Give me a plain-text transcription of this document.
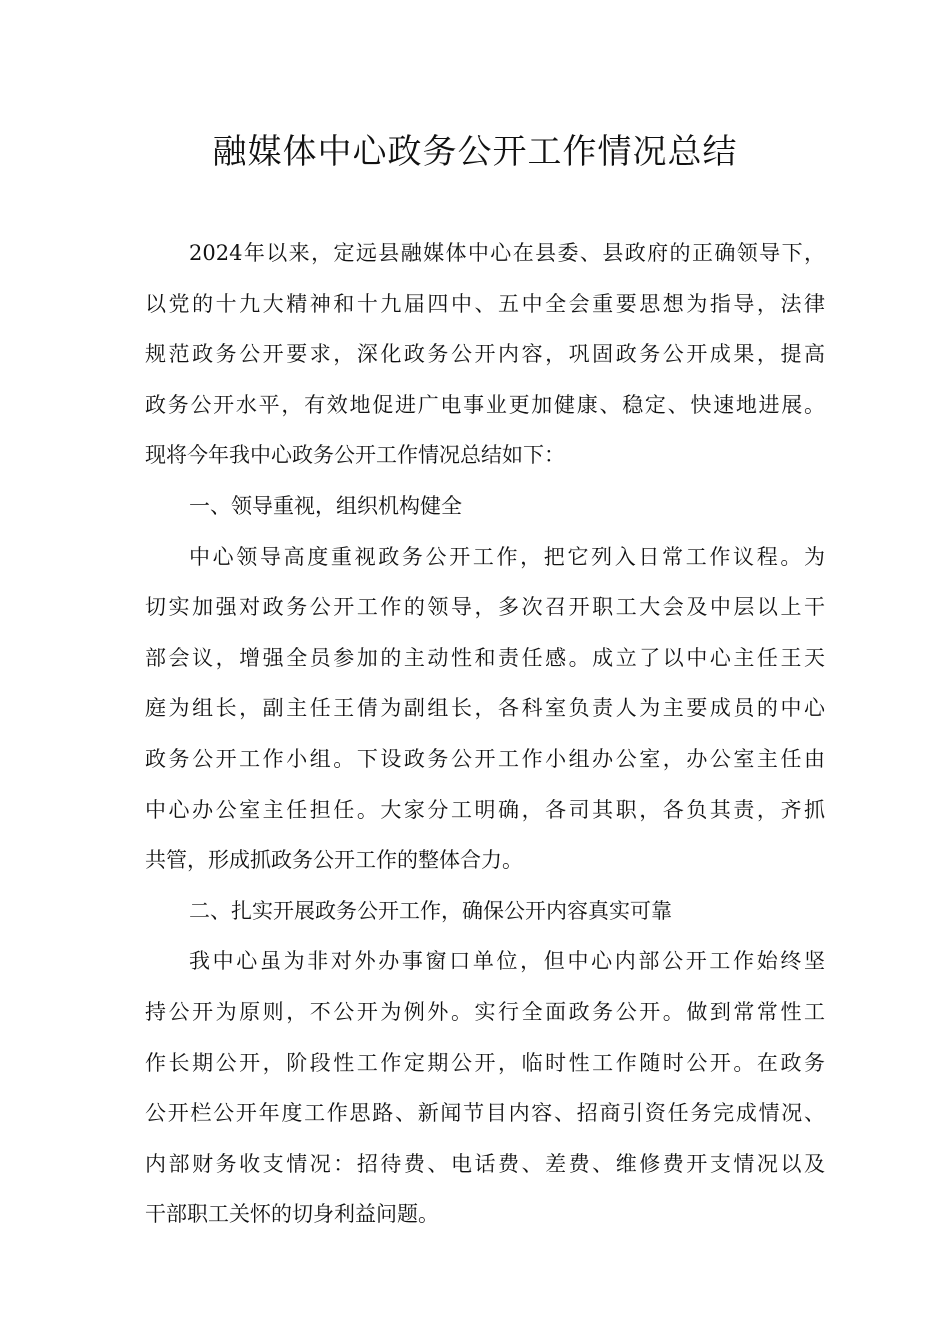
融媒体中心政务公开工作情况总结
2024年以来，定远县融媒体中心在县委、县政府的正确领导下，
以党的十九大精神和十九届四中、五中全会重要思想为指导，法律
规范政务公开要求，深化政务公开内容，巩固政务公开成果，提高
政务公开水平，有效地促进广电事业更加健康、稳定、快速地进展。
现将今年我中心政务公开工作情况总结如下：
一、领导重视，组织机构健全
中心领导高度重视政务公开工作，把它列入日常工作议程。为
切实加强对政务公开工作的领导，多次召开职工大会及中层以上干
部会议，增强全员参加的主动性和责任感。成立了以中心主任王天
庭为组长，副主任王倩为副组长，各科室负责人为主要成员的中心
政务公开工作小组。下设政务公开工作小组办公室，办公室主任由
中心办公室主任担任。大家分工明确，各司其职，各负其责，齐抓
共管，形成抓政务公开工作的整体合力。
二、扎实开展政务公开工作，确保公开内容真实可靠
我中心虽为非对外办事窗口单位，但中心内部公开工作始终坚
持公开为原则，不公开为例外。实行全面政务公开。做到常常性工
作长期公开，阶段性工作定期公开，临时性工作随时公开。在政务
公开栏公开年度工作思路、新闻节目内容、招商引资任务完成情况、
内部财务收支情况：招待费、电话费、差费、维修费开支情况以及
干部职工关怀的切身利益问题。
